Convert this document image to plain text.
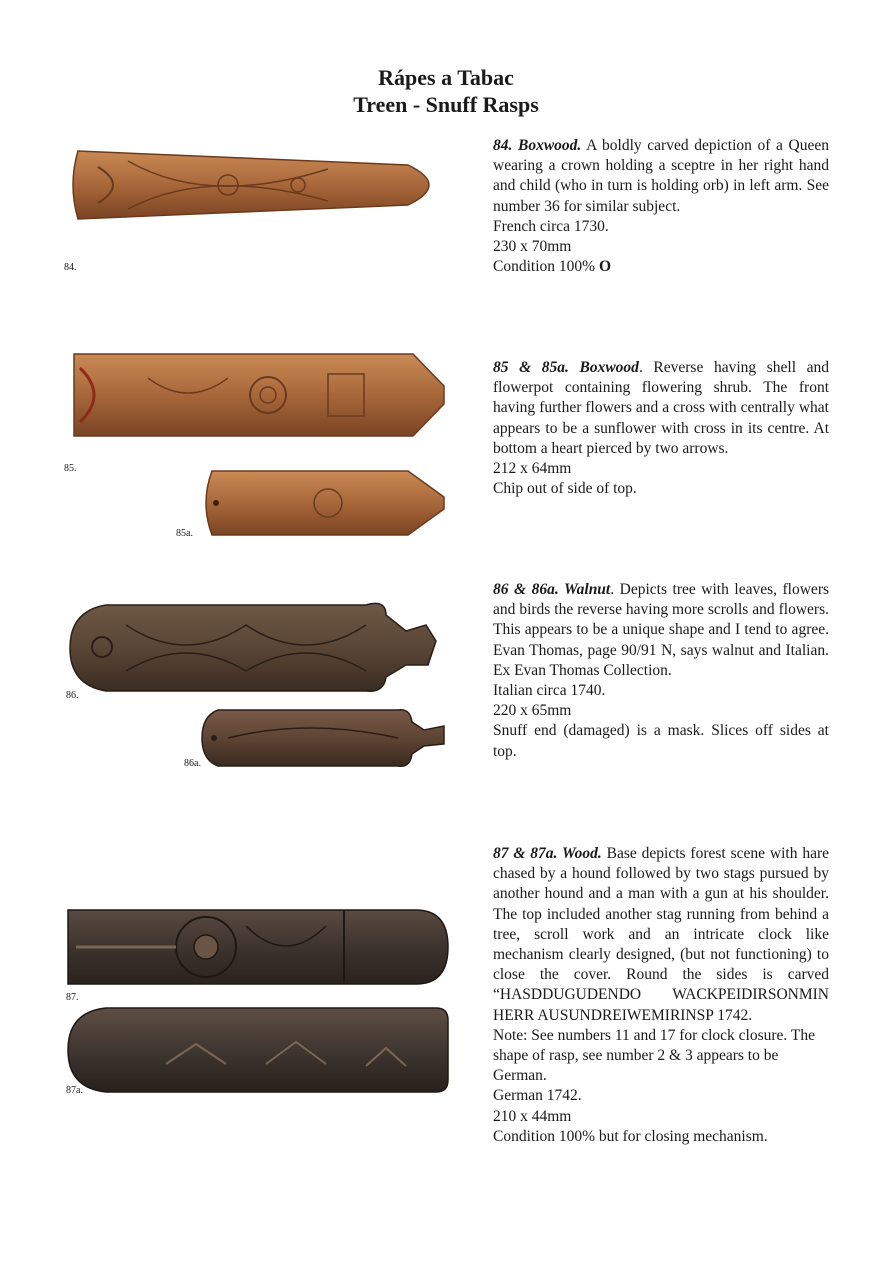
Rápes a Tabac
Treen - Snuff Rasps
84.

84. Boxwood. A boldly carved depiction of a Queen wearing a crown holding a sceptre in her right hand and child (who in turn is holding orb) in left arm. See number 36 for similar subject.

French circa 1730.

230 x 70mm

Condition 100% O

85.
85a.

85 & 85a. Boxwood. Reverse having shell and flowerpot containing flowering shrub. The front having further flowers and a cross with centrally what appears to be a sunflower with cross in its centre. At bottom a heart pierced by two arrows.

212 x 64mm

Chip out of side of top.

86.
86a.

86 & 86a. Walnut. Depicts tree with leaves, flowers and birds the reverse having more scrolls and flowers. This appears to be a unique shape and I tend to agree. Evan Thomas, page 90/91 N, says walnut and Italian. Ex Evan Thomas Collection.

Italian circa 1740.

220 x 65mm

Snuff end (damaged) is a mask. Slices off sides at top.

87.
87a.

87 & 87a. Wood. Base depicts forest scene with hare chased by a hound followed by two stags pursued by another hound and a man with a gun at his shoulder. The top included another stag running from behind a tree, scroll work and an intricate clock like mechanism clearly designed, (but not functioning) to close the cover. Round the sides is carved “HASDDUGUDENDO WACKPEIDIRSONMIN HERR AUSUNDREIWEMIRINSP 1742.

Note: See numbers 11 and 17 for clock closure. The shape of rasp, see number 2 & 3 appears to be German.

German 1742.

210 x 44mm

Condition 100% but for closing mechanism.
